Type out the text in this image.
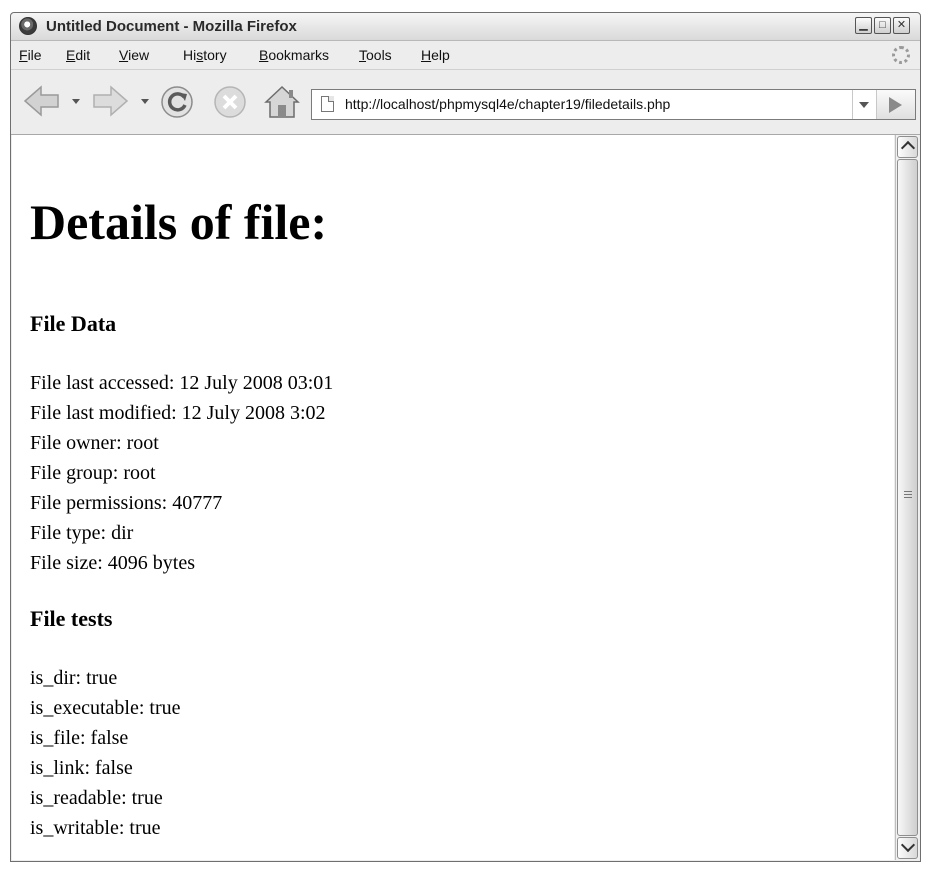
Untitled Document - Mozilla Firefox	▁	□	✕
File Edit View History Bookmarks Tools Help
http://localhost/phpmysql4e/chapter19/filedetails.php
Details of file:
File Data
File last accessed: 12 July 2008 03:01
File last modified: 12 July 2008 3:02
File owner: root
File group: root
File permissions: 40777
File type: dir
File size: 4096 bytes
File tests
is_dir: true
is_executable: true
is_file: false
is_link: false
is_readable: true
is_writable: true
